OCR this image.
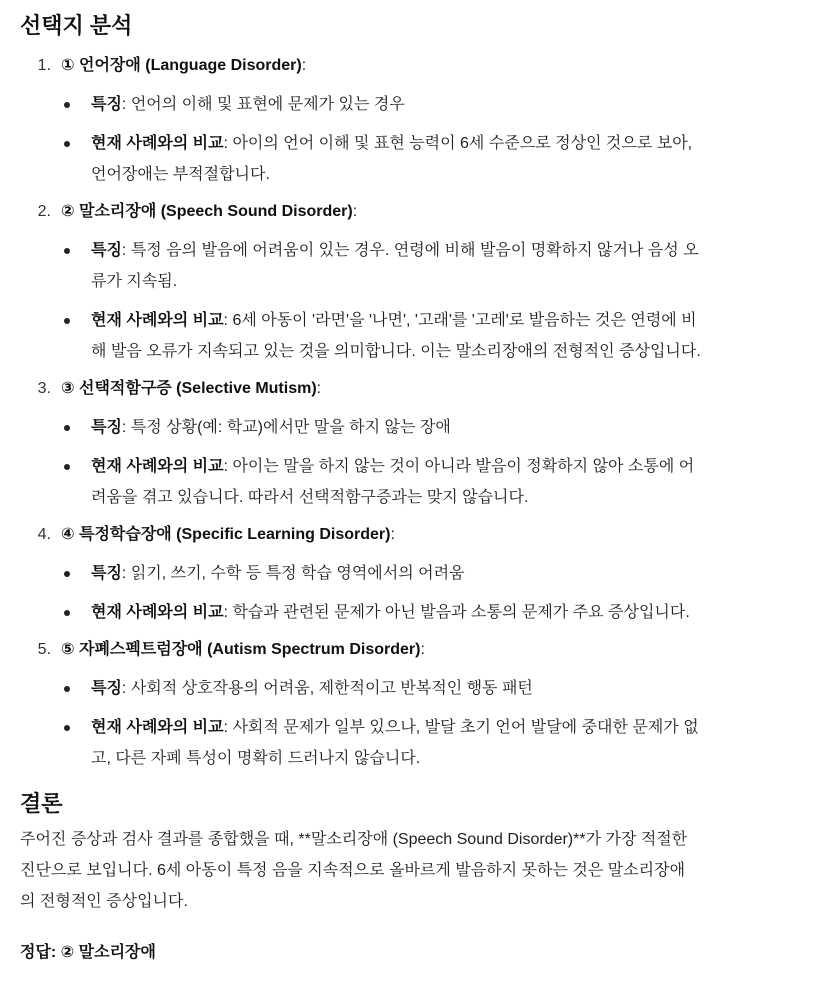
선택지 분석
1. ① 언어장애 (Language Disorder):
특징: 언어의 이해 및 표현에 문제가 있는 경우
현재 사례와의 비교: 아이의 언어 이해 및 표현 능력이 6세 수준으로 정상인 것으로 보아,
언어장애는 부적절합니다.
2. ② 말소리장애 (Speech Sound Disorder):
특징: 특정 음의 발음에 어려움이 있는 경우. 연령에 비해 발음이 명확하지 않거나 음성 오
류가 지속됨.
현재 사례와의 비교: 6세 아동이 '라면'을 '나면', '고래'를 '고레'로 발음하는 것은 연령에 비
해 발음 오류가 지속되고 있는 것을 의미합니다. 이는 말소리장애의 전형적인 증상입니다.
3. ③ 선택적함구증 (Selective Mutism):
특징: 특정 상황(예: 학교)에서만 말을 하지 않는 장애
현재 사례와의 비교: 아이는 말을 하지 않는 것이 아니라 발음이 정확하지 않아 소통에 어
려움을 겪고 있습니다. 따라서 선택적함구증과는 맞지 않습니다.
4. ④ 특정학습장애 (Specific Learning Disorder):
특징: 읽기, 쓰기, 수학 등 특정 학습 영역에서의 어려움
현재 사례와의 비교: 학습과 관련된 문제가 아닌 발음과 소통의 문제가 주요 증상입니다.
5. ⑤ 자폐스펙트럼장애 (Autism Spectrum Disorder):
특징: 사회적 상호작용의 어려움, 제한적이고 반복적인 행동 패턴
현재 사례와의 비교: 사회적 문제가 일부 있으나, 발달 초기 언어 발달에 중대한 문제가 없
고, 다른 자폐 특성이 명확히 드러나지 않습니다.
결론

주어진 증상과 검사 결과를 종합했을 때, **말소리장애 (Speech Sound Disorder)**가 가장 적절한
진단으로 보입니다. 6세 아동이 특정 음을 지속적으로 올바르게 발음하지 못하는 것은 말소리장애
의 전형적인 증상입니다.

정답: ② 말소리장애
